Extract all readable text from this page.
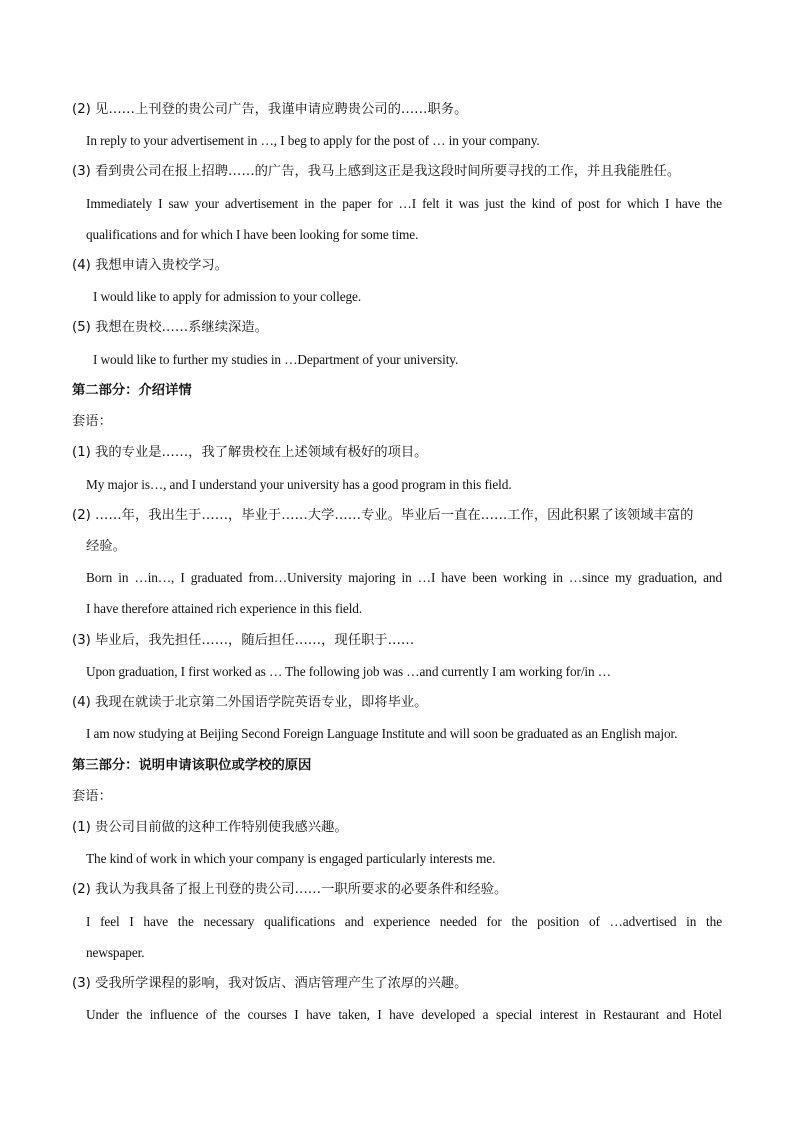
(2) 见……上刊登的贵公司广告，我谨申请应聘贵公司的……职务。
In reply to your advertisement in …, I beg to apply for the post of … in your company.
(3) 看到贵公司在报上招聘……的广告，我马上感到这正是我这段时间所要寻找的工作，并且我能胜任。
Immediately I saw your advertisement in the paper for …I felt it was just the kind of post for which I have the
qualifications and for which I have been looking for some time.
(4) 我想申请入贵校学习。
I would like to apply for admission to your college.
(5) 我想在贵校……系继续深造。
I would like to further my studies in …Department of your university.
第二部分：介绍详情
套语：
(1) 我的专业是……，我了解贵校在上述领域有极好的项目。
My major is…, and I understand your university has a good program in this field.
(2) ……年，我出生于……，毕业于……大学……专业。毕业后一直在……工作，因此积累了该领域丰富的
经验。
Born in …in…, I graduated from…University majoring in …I have been working in …since my graduation, and
I have therefore attained rich experience in this field.
(3) 毕业后，我先担任……，随后担任……，现任职于……
Upon graduation, I first worked as … The following job was …and currently I am working for/in …
(4) 我现在就读于北京第二外国语学院英语专业，即将毕业。
I am now studying at Beijing Second Foreign Language Institute and will soon be graduated as an English major.
第三部分：说明申请该职位或学校的原因
套语：
(1) 贵公司目前做的这种工作特别使我感兴趣。
The kind of work in which your company is engaged particularly interests me.
(2) 我认为我具备了报上刊登的贵公司……一职所要求的必要条件和经验。
I feel I have the necessary qualifications and experience needed for the position of …advertised in the
newspaper.
(3) 受我所学课程的影响，我对饭店、酒店管理产生了浓厚的兴趣。
Under the influence of the courses I have taken, I have developed a special interest in Restaurant and Hotel
